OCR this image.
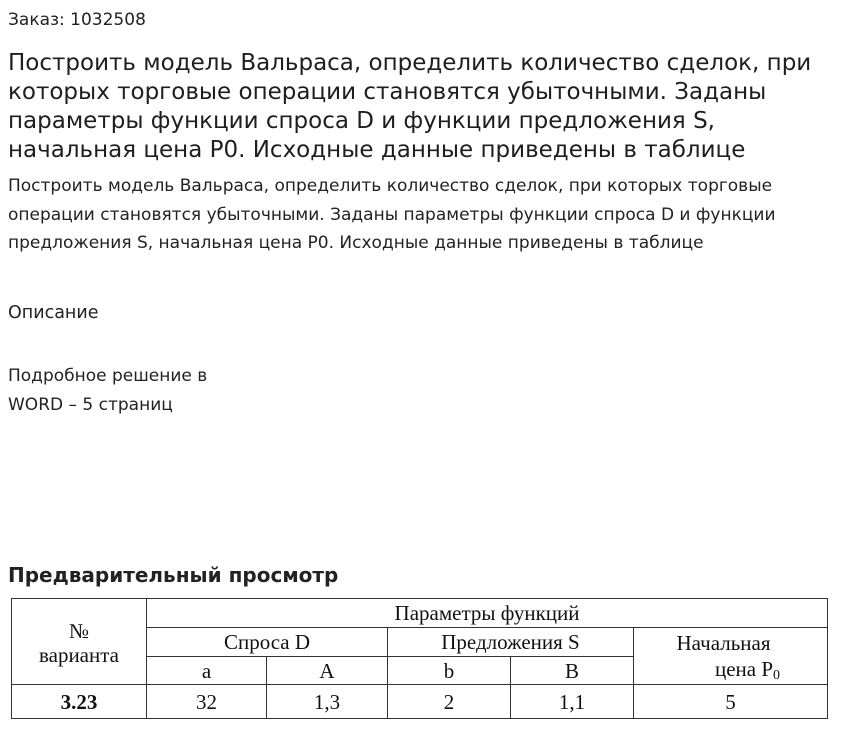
Заказ: 1032508
Построить модель Вальраса, определить количество сделок, при которых торговые операции становятся убыточными. Заданы параметры функции спроса D и функции предложения S, начальная цена P0. Исходные данные приведены в таблице
Построить модель Вальраса, определить количество сделок, при которых торговые операции становятся убыточными. Заданы параметры функции спроса D и функции предложения S, начальная цена P0. Исходные данные приведены в таблице
Описание
Подробное решение в
WORD – 5 страниц
Предварительный просмотр
№
варианта	Параметры функций				
	Спроса D		Предложения S		Начальная
цена $P_0$

	a	A	b	B	
3.23	32	1,3	2	1,1	5
